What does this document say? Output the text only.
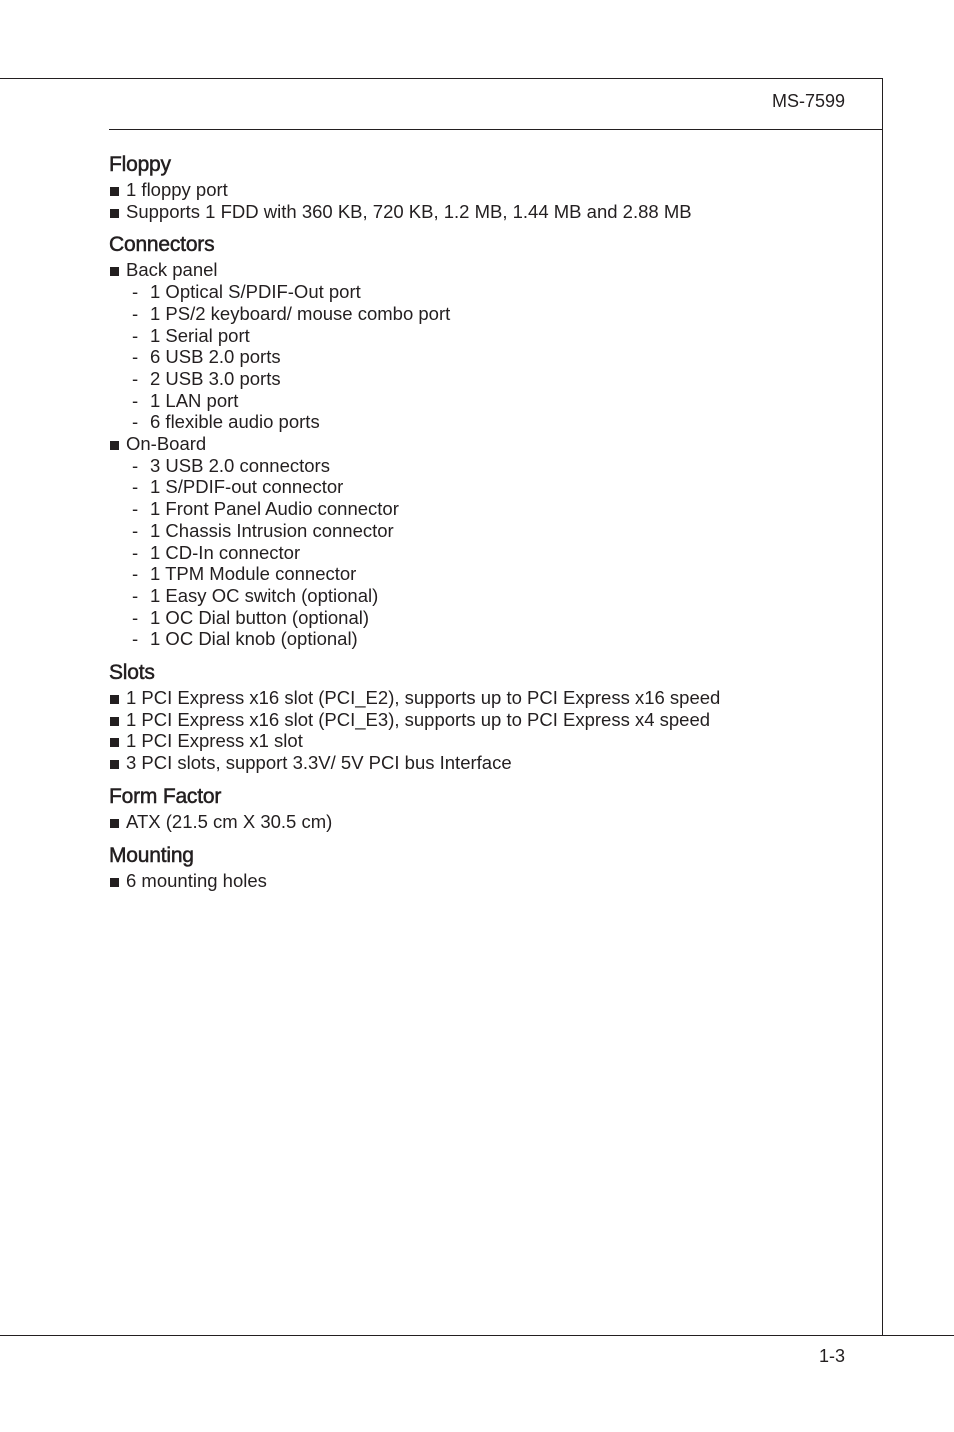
MS-7599
Floppy
1 floppy port
Supports 1 FDD with 360 KB, 720 KB, 1.2 MB, 1.44 MB and 2.88 MB
Connectors
Back panel
- 1 Optical S/PDIF-Out port
- 1 PS/2 keyboard/ mouse combo port
- 1 Serial port
- 6 USB 2.0 ports
- 2 USB 3.0 ports
- 1 LAN port
- 6 flexible audio ports
On-Board
- 3 USB 2.0 connectors
- 1 S/PDIF-out connector
- 1 Front Panel Audio connector
- 1 Chassis Intrusion connector
- 1 CD-In connector
- 1 TPM Module connector
- 1 Easy OC switch (optional)
- 1 OC Dial button (optional)
- 1 OC Dial knob (optional)
Slots
1 PCI Express x16 slot (PCI_E2), supports up to PCI Express x16 speed
1 PCI Express x16 slot (PCI_E3), supports up to PCI Express x4 speed
1 PCI Express x1 slot
3 PCI slots, support 3.3V/ 5V PCI bus Interface
Form Factor
ATX (21.5 cm X 30.5 cm)
Mounting
6 mounting holes
1-3
